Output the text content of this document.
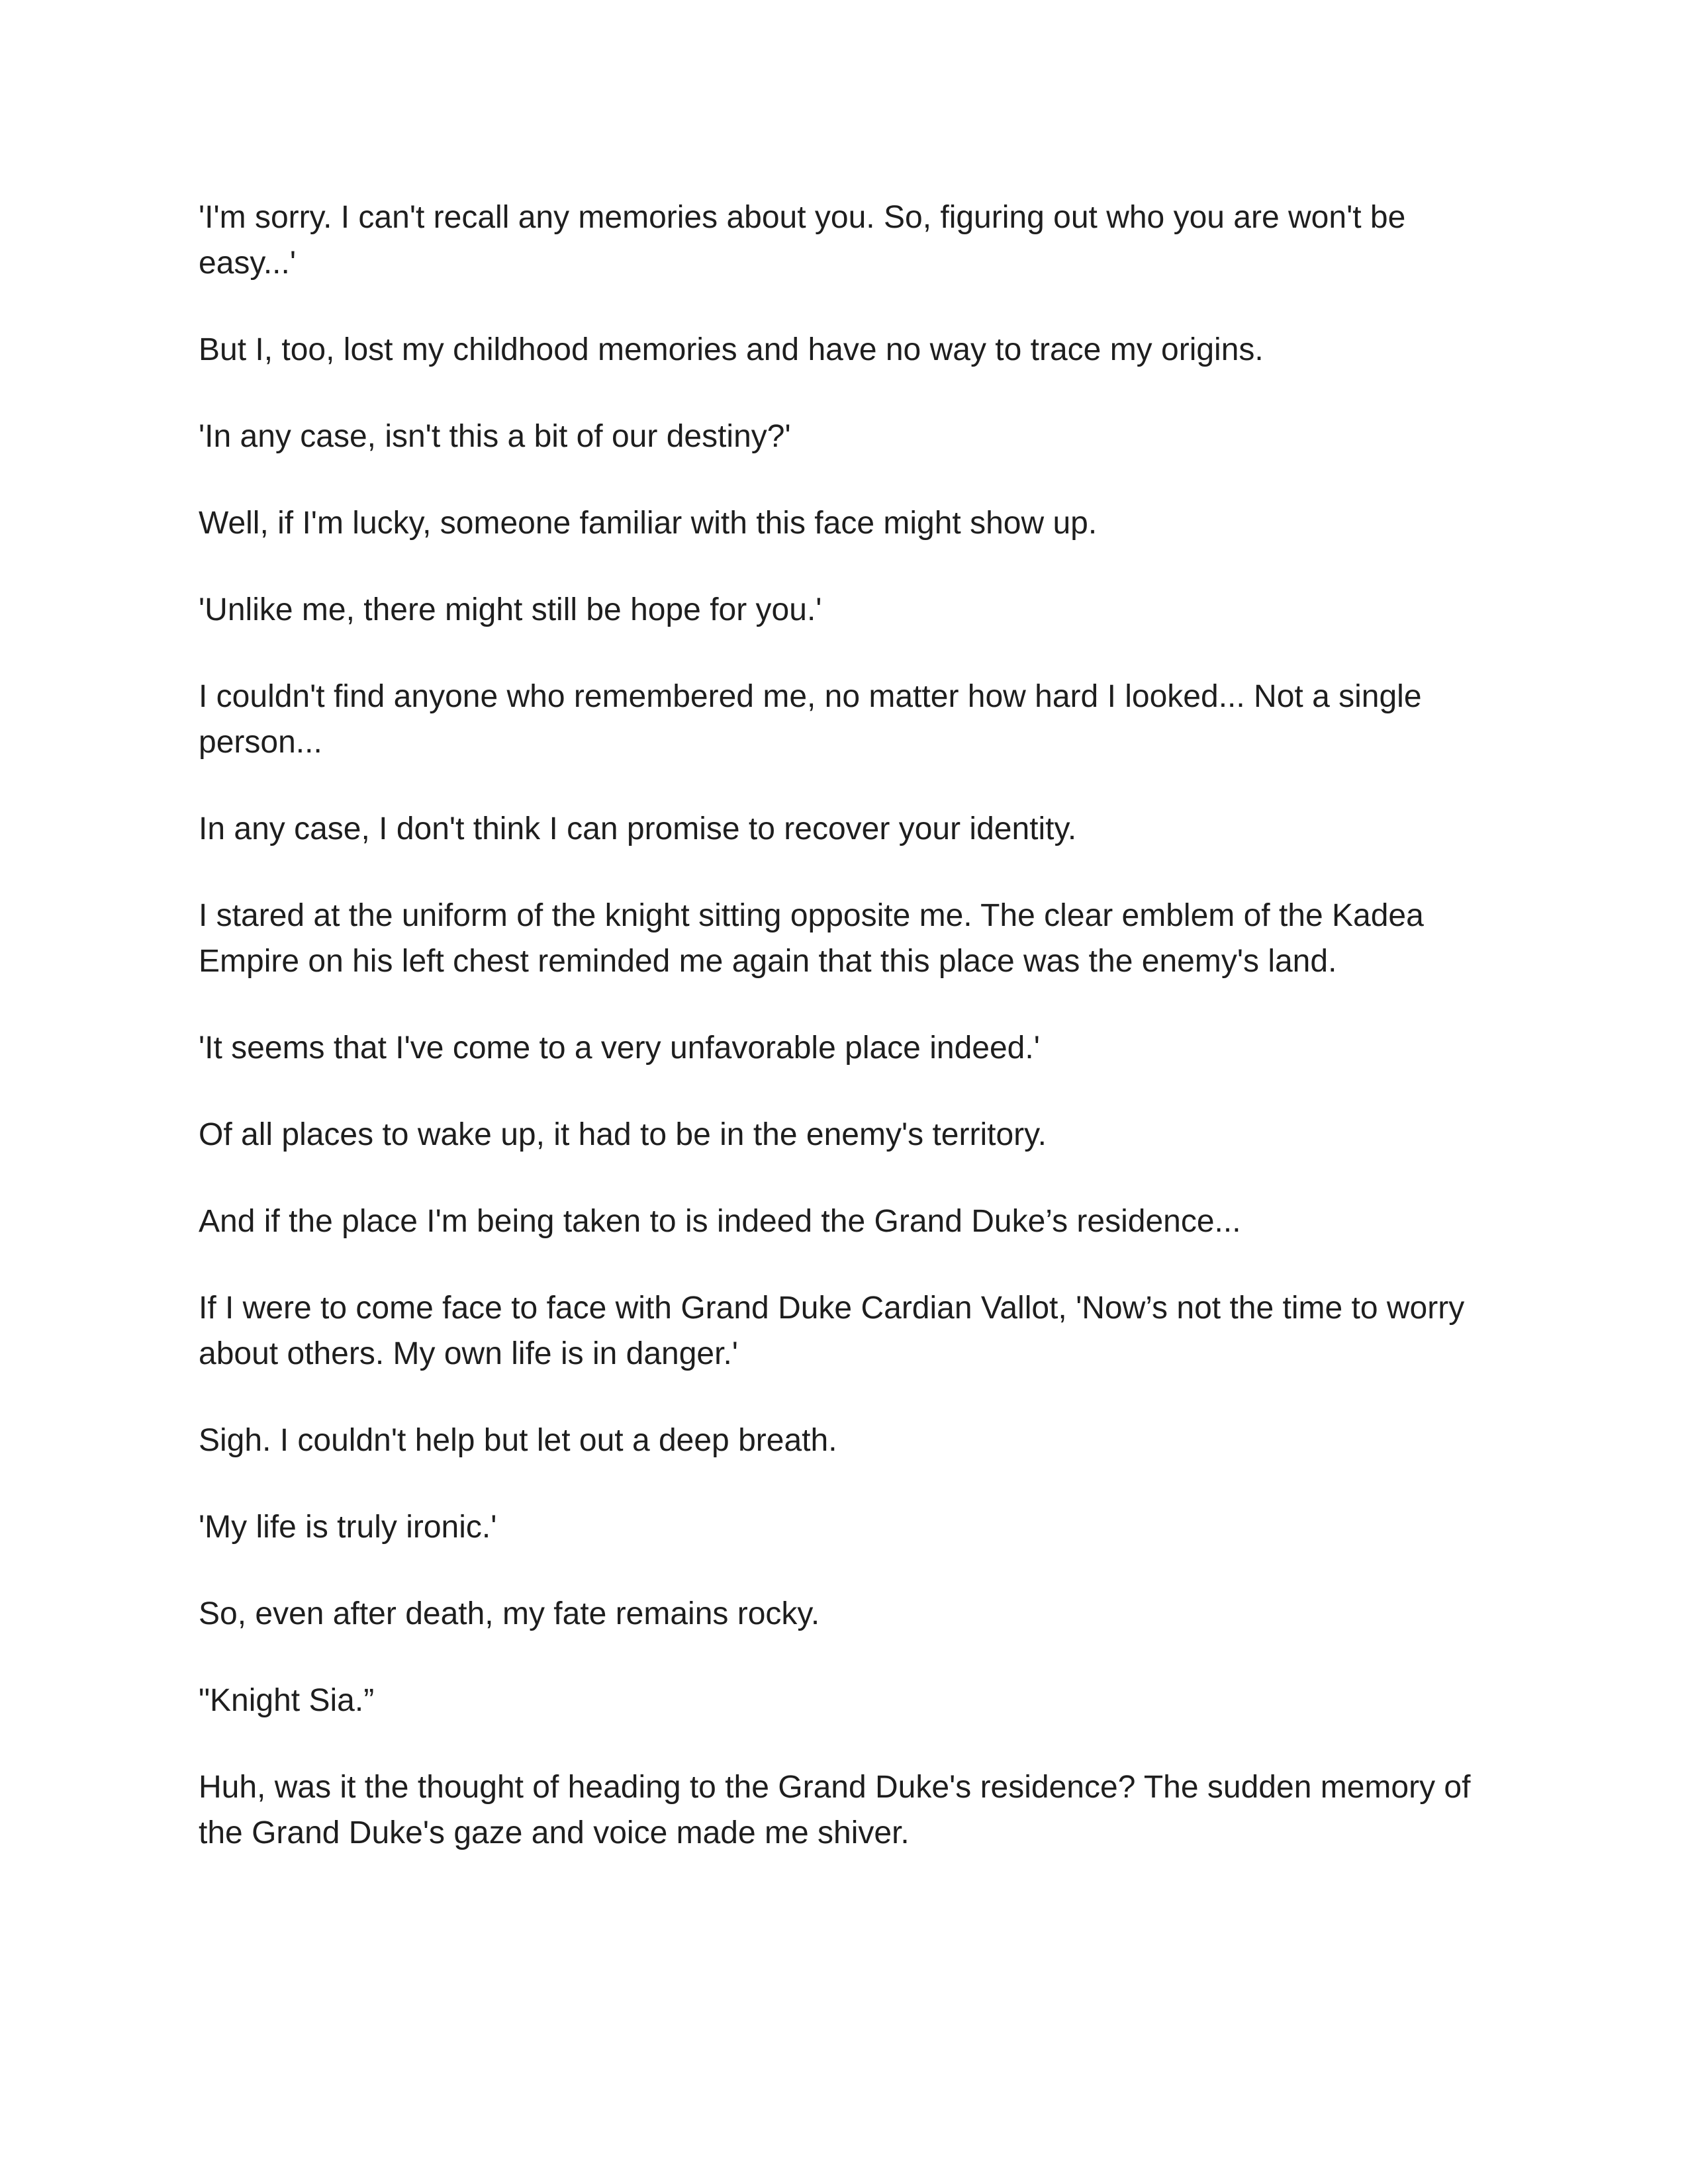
'I'm sorry. I can't recall any memories about you. So, figuring out who you are won't be easy...'

But I, too, lost my childhood memories and have no way to trace my origins.

'In any case, isn't this a bit of our destiny?'

Well, if I'm lucky, someone familiar with this face might show up.

'Unlike me, there might still be hope for you.'

I couldn't find anyone who remembered me, no matter how hard I looked... Not a single person...

In any case, I don't think I can promise to recover your identity.

I stared at the uniform of the knight sitting opposite me. The clear emblem of the Kadea Empire on his left chest reminded me again that this place was the enemy's land.

'It seems that I've come to a very unfavorable place indeed.'

Of all places to wake up, it had to be in the enemy's territory.

And if the place I'm being taken to is indeed the Grand Duke’s residence...

If I were to come face to face with Grand Duke Cardian Vallot, 'Now’s not the time to worry about others. My own life is in danger.'

Sigh. I couldn't help but let out a deep breath.

'My life is truly ironic.'

So, even after death, my fate remains rocky.

"Knight Sia.”

Huh, was it the thought of heading to the Grand Duke's residence? The sudden memory of the Grand Duke's gaze and voice made me shiver.
